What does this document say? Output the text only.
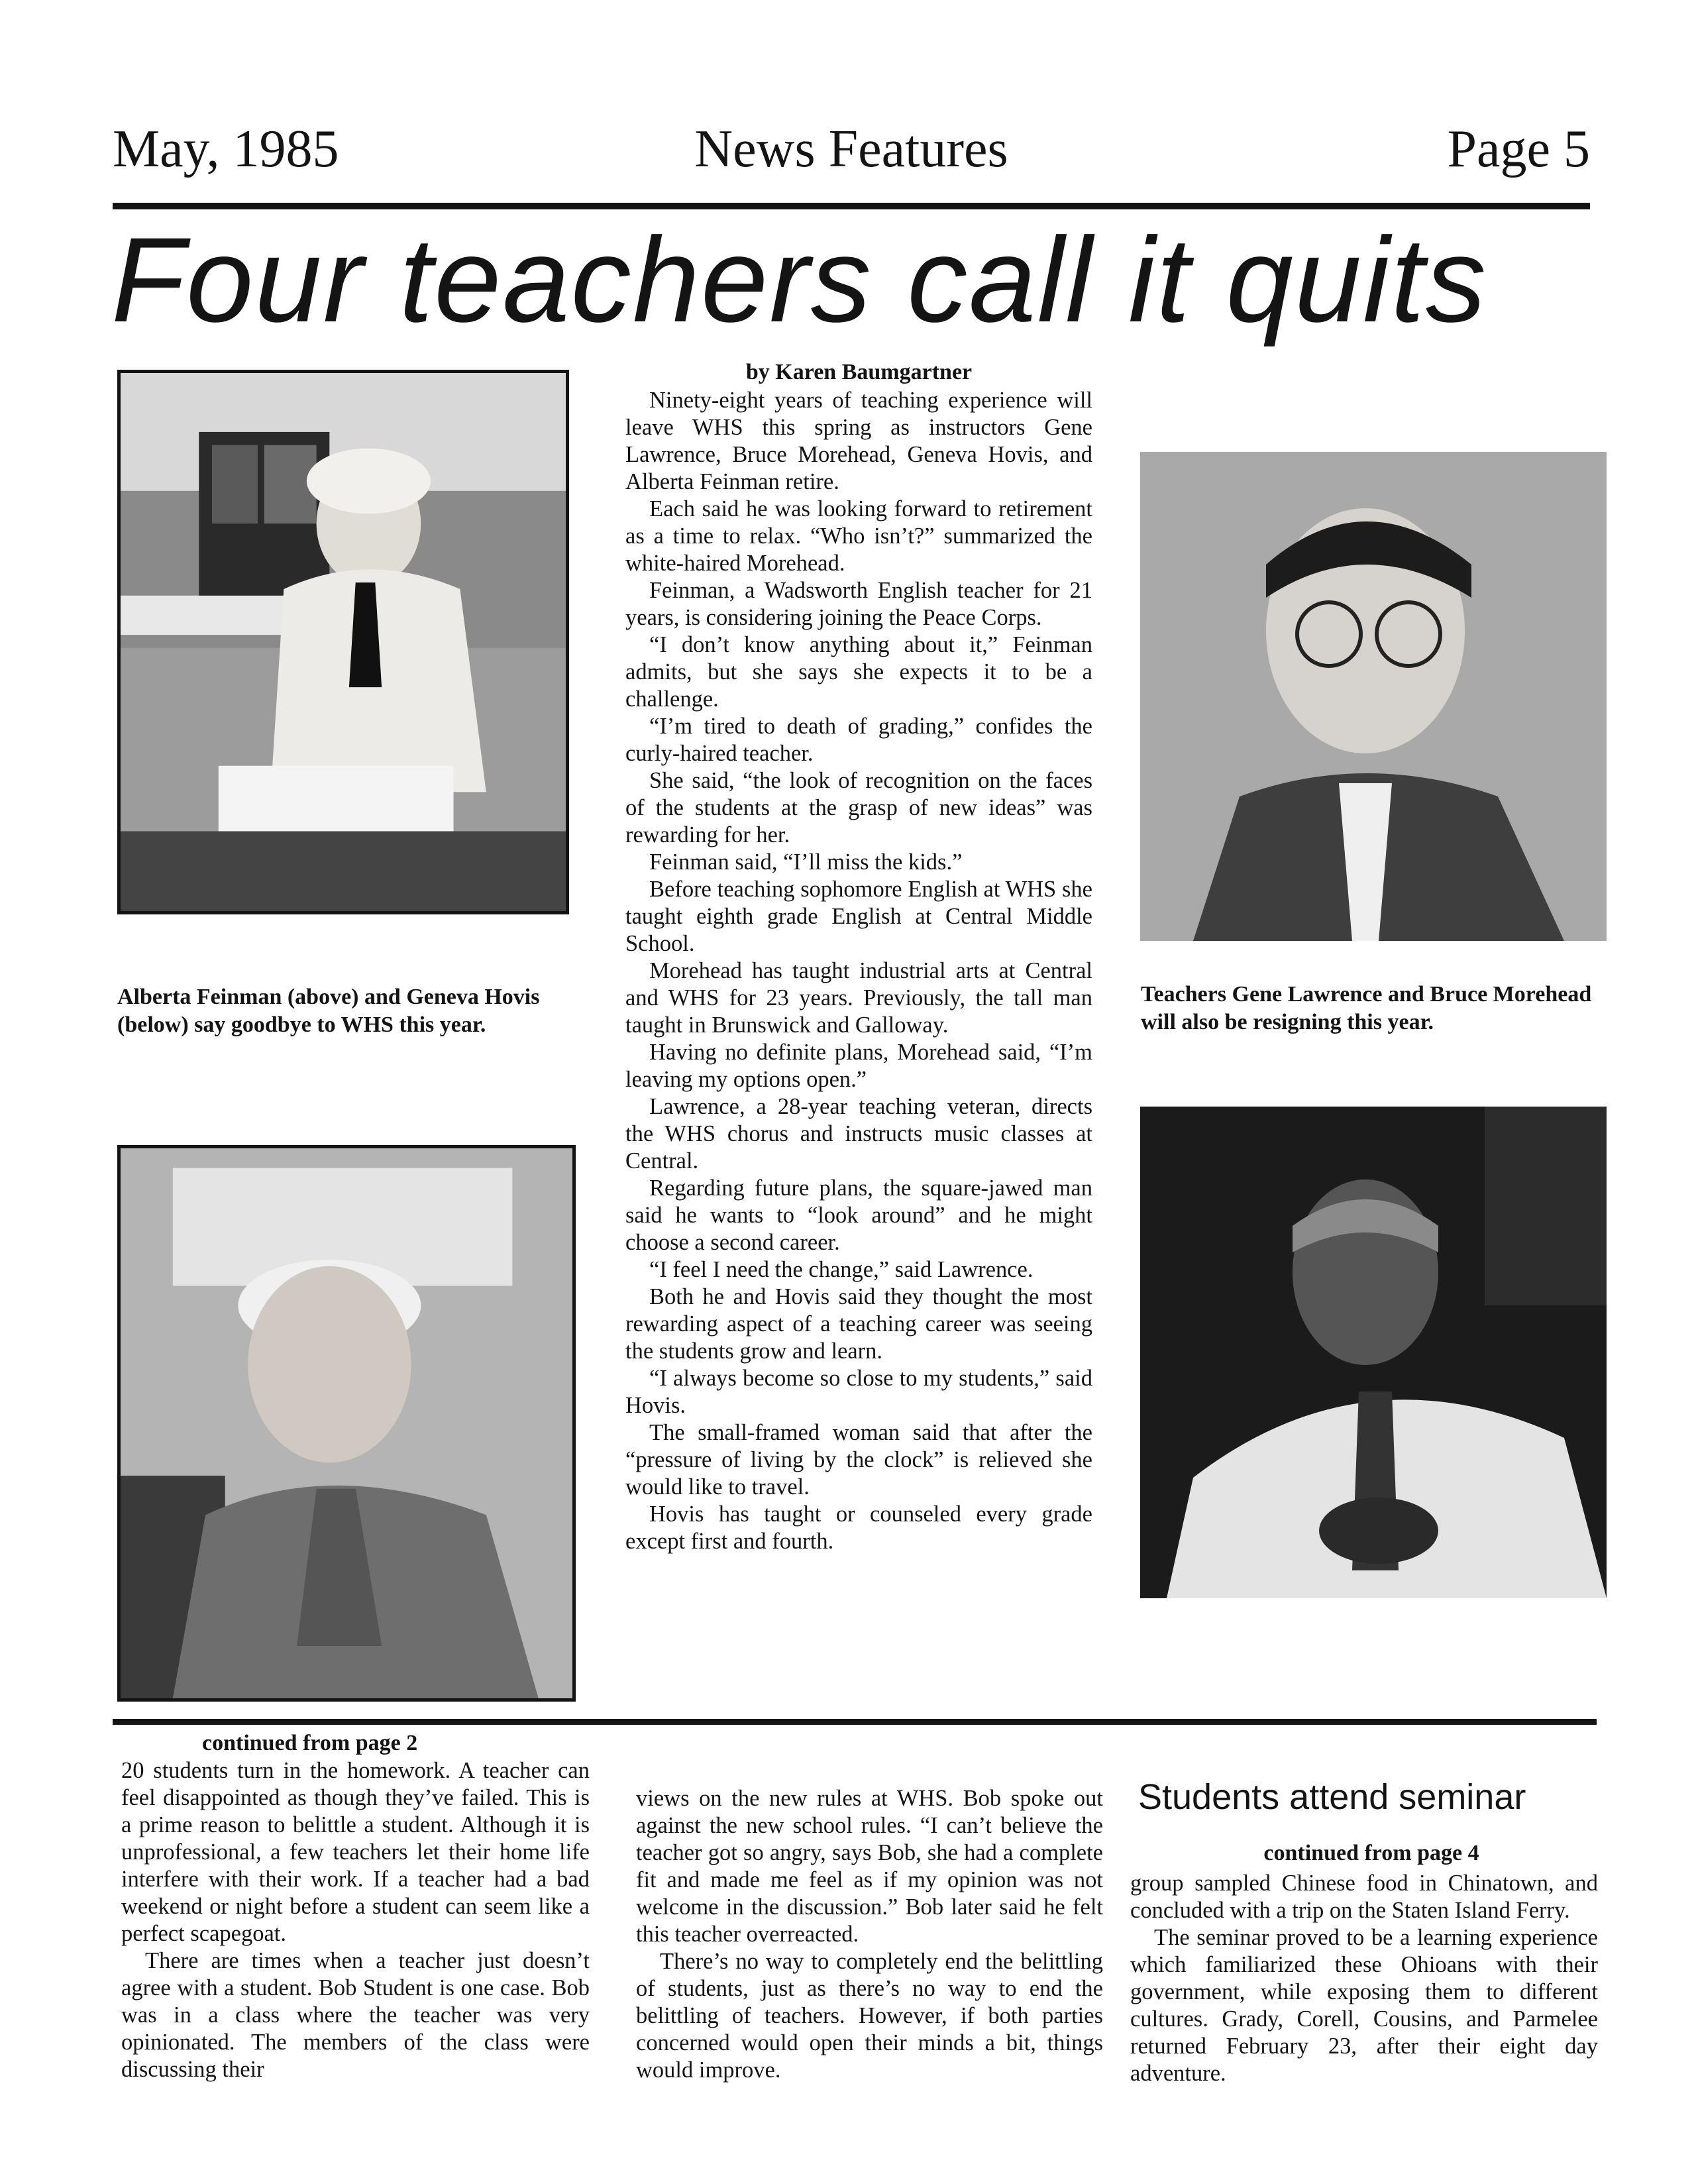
News Features
May, 1985	Page 5
Four teachers call it quits
Alberta Feinman (above) and Geneva Hovis (below) say goodbye to WHS this year.
by Karen Baumgartner

Ninety-eight years of teaching experience will leave WHS this spring as instructors Gene Lawrence, Bruce Morehead, Geneva Hovis, and Alberta Feinman retire.

Each said he was looking forward to retirement as a time to relax. “Who isn’t?” summarized the white-haired Morehead.

Feinman, a Wadsworth English teacher for 21 years, is considering joining the Peace Corps.

“I don’t know anything about it,” Feinman admits, but she says she expects it to be a challenge.

“I’m tired to death of grading,” confides the curly-haired teacher.

She said, “the look of recognition on the faces of the students at the grasp of new ideas” was rewarding for her.

Feinman said, “I’ll miss the kids.”

Before teaching sophomore English at WHS she taught eighth grade English at Central Middle School.

Morehead has taught industrial arts at Central and WHS for 23 years. Previously, the tall man taught in Brunswick and Galloway.

Having no definite plans, Morehead said, “I’m leaving my options open.”

Lawrence, a 28-year teaching veteran, directs the WHS chorus and instructs music classes at Central.

Regarding future plans, the square-jawed man said he wants to “look around” and he might choose a second career.

“I feel I need the change,” said Lawrence.

Both he and Hovis said they thought the most rewarding aspect of a teaching career was seeing the students grow and learn.

“I always become so close to my students,” said Hovis.

The small-framed woman said that after the “pressure of living by the clock” is relieved she would like to travel.

Hovis has taught or counseled every grade except first and fourth.

Teachers Gene Lawrence and Bruce Morehead will also be resigning this year.
continued from page 2

20 students turn in the homework. A teacher can feel disappointed as though they’ve failed. This is a prime reason to belittle a student. Although it is unprofessional, a few teachers let their home life interfere with their work. If a teacher had a bad weekend or night before a student can seem like a perfect scapegoat.

There are times when a teacher just doesn’t agree with a student. Bob Student is one case. Bob was in a class where the teacher was very opinionated. The members of the class were discussing their

views on the new rules at WHS. Bob spoke out against the new school rules. “I can’t believe the teacher got so angry, says Bob, she had a complete fit and made me feel as if my opinion was not welcome in the discussion.” Bob later said he felt this teacher overreacted.

There’s no way to completely end the belittling of students, just as there’s no way to end the belittling of teachers. However, if both parties concerned would open their minds a bit, things would improve.

Students attend seminar
continued from page 4

group sampled Chinese food in Chinatown, and concluded with a trip on the Staten Island Ferry.

The seminar proved to be a learning experience which familiarized these Ohioans with their government, while exposing them to different cultures. Grady, Corell, Cousins, and Parmelee returned February 23, after their eight day adventure.
